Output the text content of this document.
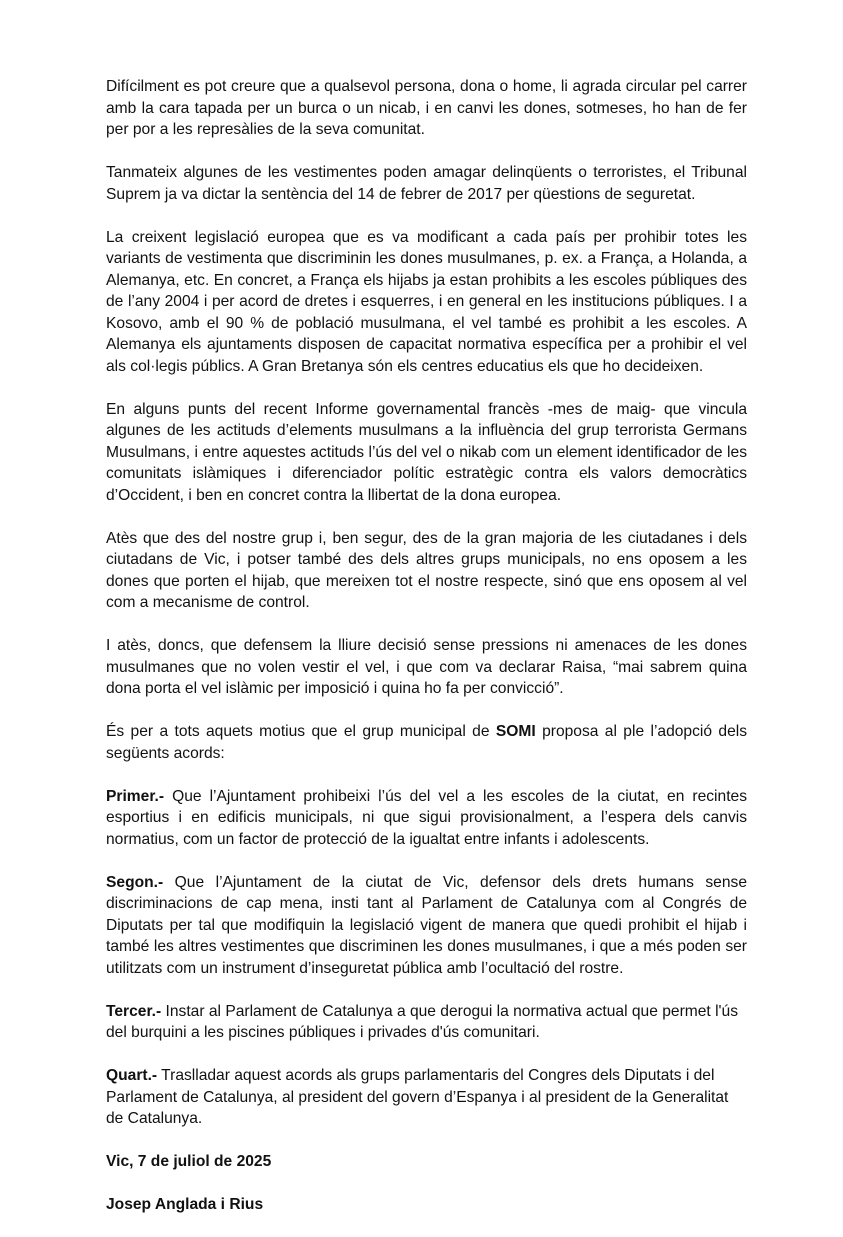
Difícilment es pot creure que a qualsevol persona, dona o home, li agrada circular pel carrer amb la cara tapada per un burca o un nicab, i en canvi les dones, sotmeses, ho han de fer per por a les represàlies de la seva comunitat.

Tanmateix algunes de les vestimentes poden amagar delinqüents o terroristes, el Tribunal Suprem ja va dictar la sentència del 14 de febrer de 2017 per qüestions de seguretat.

La creixent legislació europea que es va modificant a cada país per prohibir totes les variants de vestimenta que discriminin les dones musulmanes, p. ex. a França, a Holanda, a Alemanya, etc. En concret, a França els hijabs ja estan prohibits a les escoles públiques des de l’any 2004 i per acord de dretes i esquerres, i en general en les institucions públiques. I a Kosovo, amb el 90 % de població musulmana, el vel també es prohibit a les escoles. A Alemanya els ajuntaments disposen de capacitat normativa específica per a prohibir el vel als col·legis públics. A Gran Bretanya són els centres educatius els que ho decideixen.

En alguns punts del recent Informe governamental francès -mes de maig- que vincula algunes de les actituds d’elements musulmans a la influència del grup terrorista Germans Musulmans, i entre aquestes actituds l’ús del vel o nikab com un element identificador de les comunitats islàmiques i diferenciador polític estratègic contra els valors democràtics d’Occident, i ben en concret contra la llibertat de la dona europea.

Atès que des del nostre grup i, ben segur, des de la gran majoria de les ciutadanes i dels ciutadans de Vic, i potser també des dels altres grups municipals, no ens oposem a les dones que porten el hijab, que mereixen tot el nostre respecte, sinó que ens oposem al vel com a mecanisme de control.

I atès, doncs, que defensem la lliure decisió sense pressions ni amenaces de les dones musulmanes que no volen vestir el vel, i que com va declarar Raisa, “mai sabrem quina dona porta el vel islàmic per imposició i quina ho fa per convicció”.

És per a tots aquets motius que el grup municipal de SOMI proposa al ple l’adopció dels següents acords:

Primer.- Que l’Ajuntament prohibeixi l’ús del vel a les escoles de la ciutat, en recintes esportius i en edificis municipals, ni que sigui provisionalment, a l’espera dels canvis normatius, com un factor de protecció de la igualtat entre infants i adolescents.

Segon.- Que l’Ajuntament de la ciutat de Vic, defensor dels drets humans sense discriminacions de cap mena, insti tant al Parlament de Catalunya com al Congrés de Diputats per tal que modifiquin la legislació vigent de manera que quedi prohibit el hijab i també les altres vestimentes que discriminen les dones musulmanes, i que a més poden ser utilitzats com un instrument d’inseguretat pública amb l’ocultació del rostre.

Tercer.- Instar al Parlament de Catalunya a que derogui la normativa actual que permet l'ús del burquini a les piscines públiques i privades d'ús comunitari.

Quart.- Traslladar aquest acords als grups parlamentaris del Congres dels Diputats i del Parlament de Catalunya, al president del govern d’Espanya i al president de la Generalitat de Catalunya.

Vic, 7 de juliol de 2025

Josep Anglada i Rius
